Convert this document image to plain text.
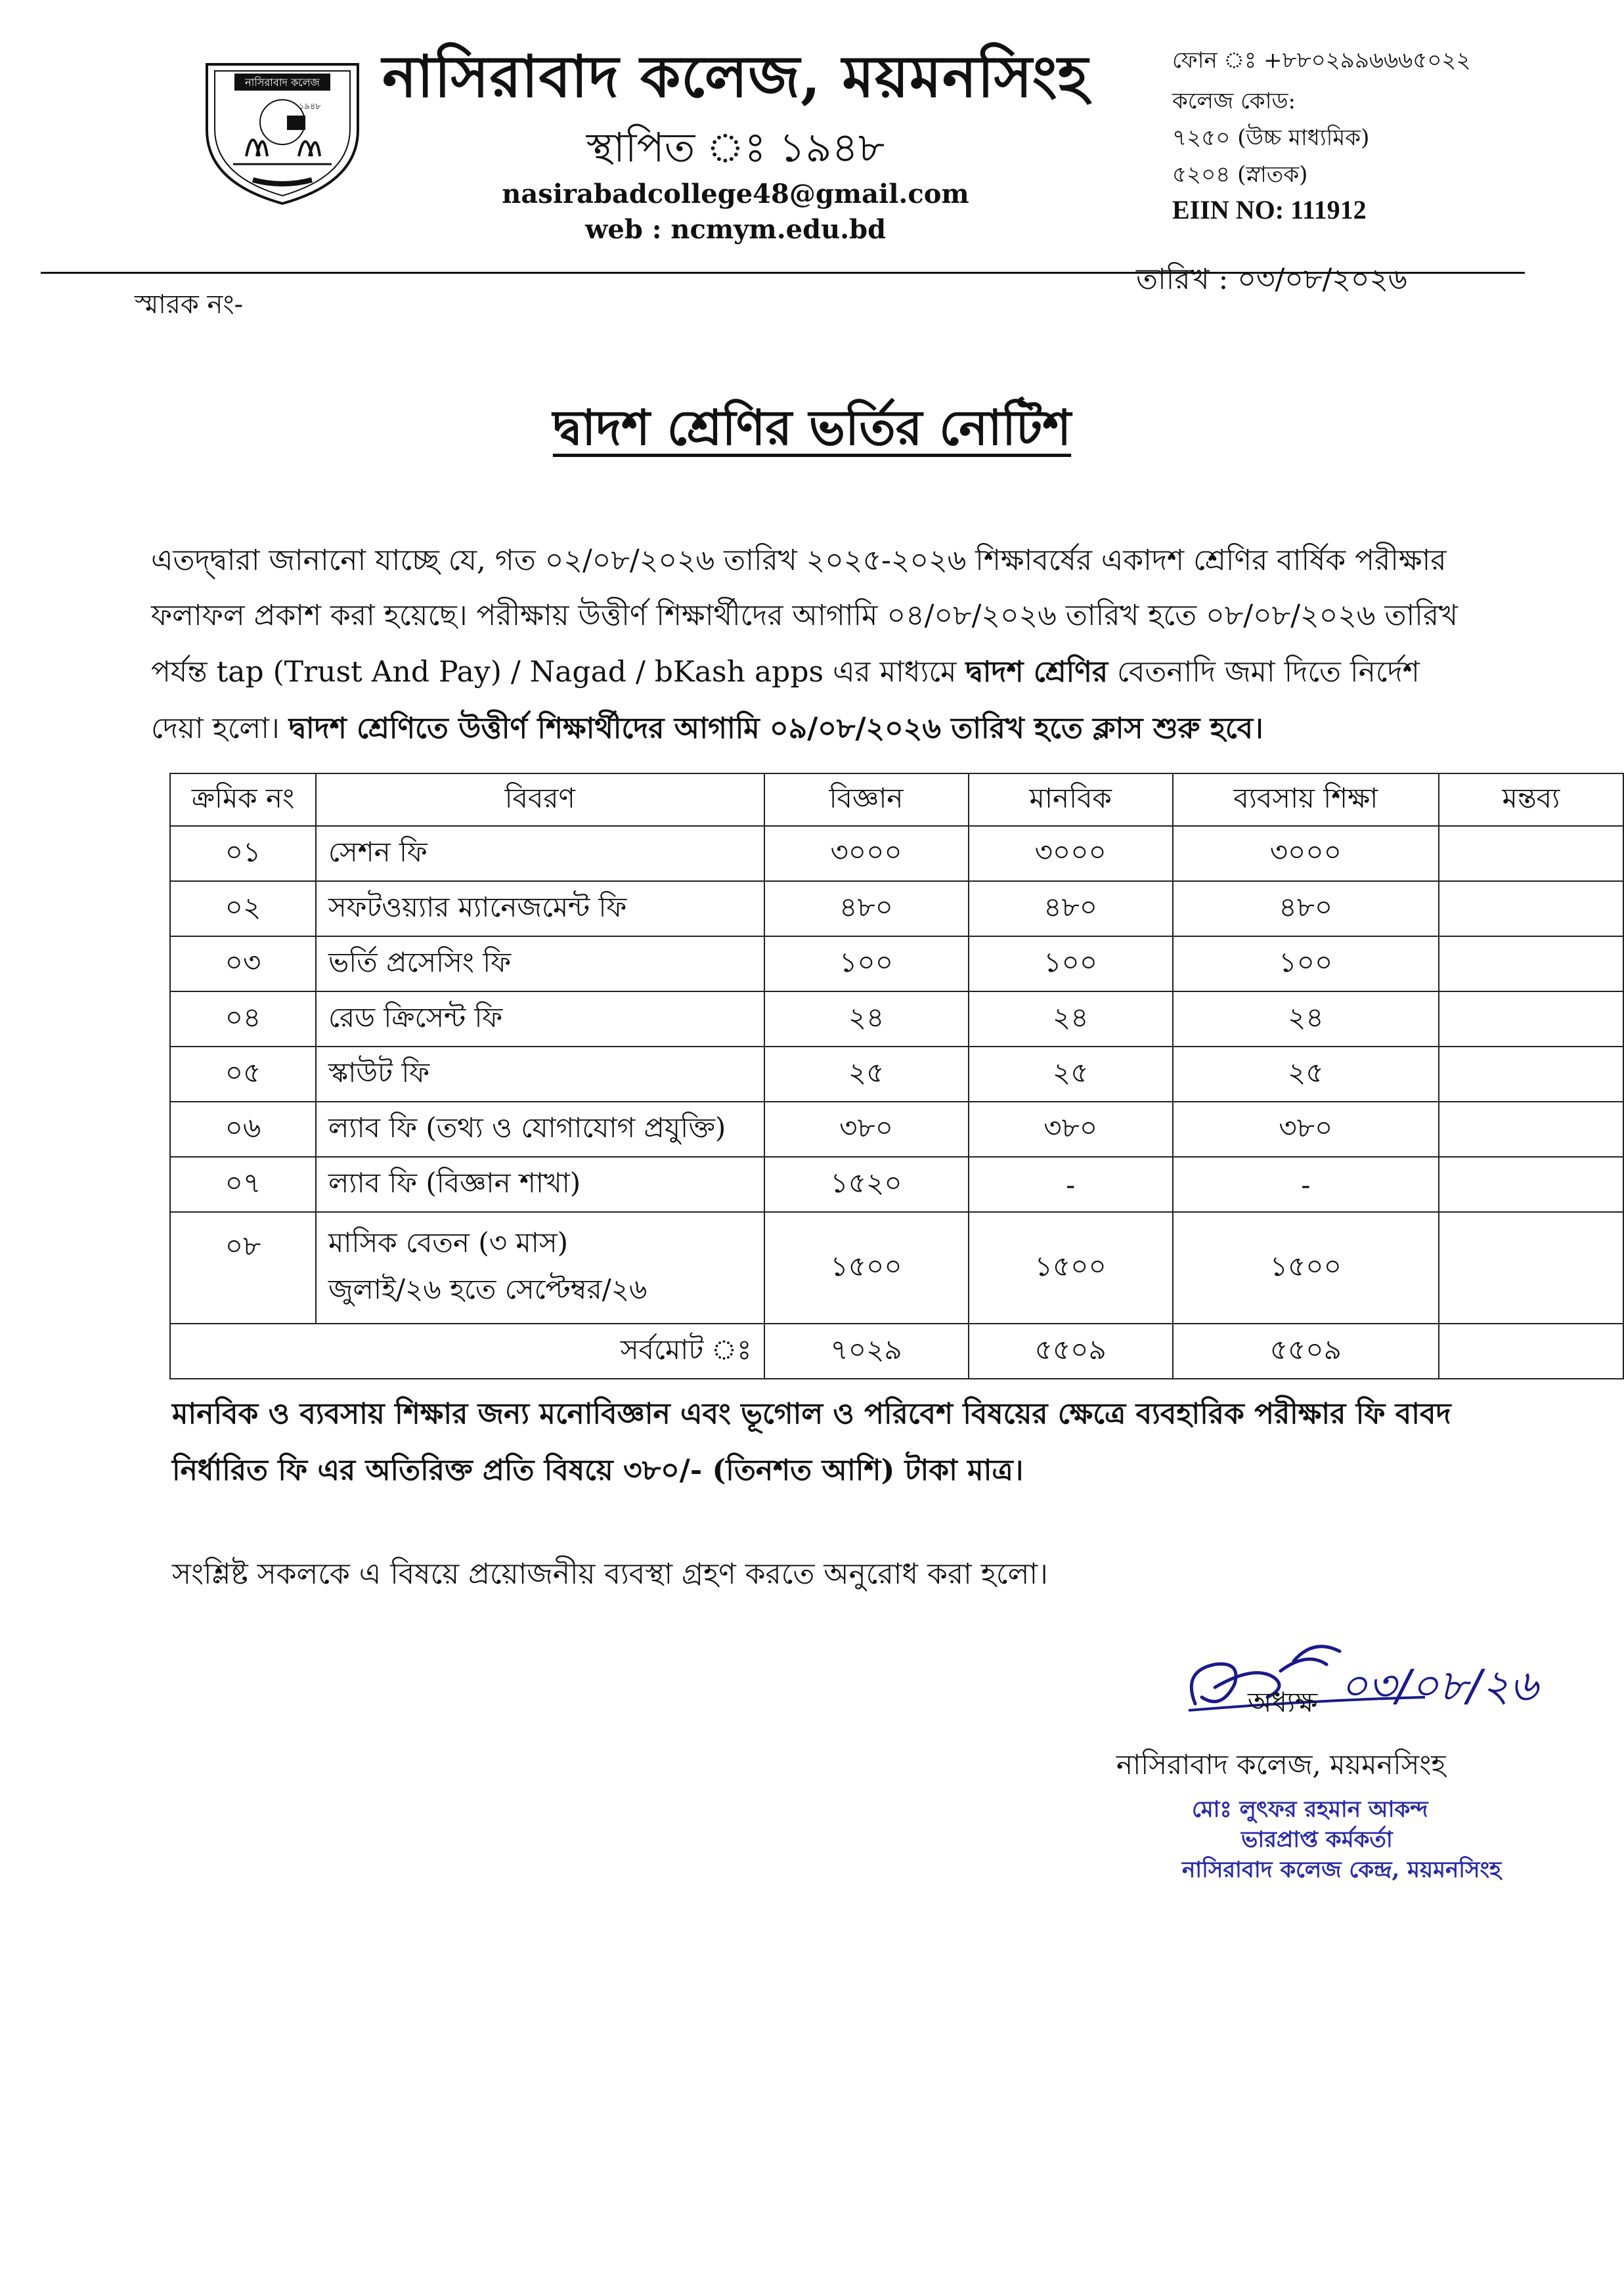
নাসিরাবাদ কলেজ
১৯৪৮ নাসিরাবাদ কলেজ, ময়মনসিংহ
স্থাপিত ঃ ১৯৪৮
nasirabadcollege48@gmail.com
web : ncmym.edu.bd
ফোন ঃ +৮৮০২৯৯৬৬৬৫০২২
কলেজ কোড:
৭২৫০ (উচ্চ মাধ্যমিক)
৫২০৪ (স্নাতক)
EIIN NO: 111912
তারিখ : ০৩/০৮/২০২৬
স্মারক নং-
দ্বাদশ শ্রেণির ভর্তির নোটিশ
এতদ্দ্বারা জানানো যাচ্ছে যে, গত ০২/০৮/২০২৬ তারিখ ২০২৫-২০২৬ শিক্ষাবর্ষের একাদশ শ্রেণির বার্ষিক পরীক্ষার
ফলাফল প্রকাশ করা হয়েছে। পরীক্ষায় উত্তীর্ণ শিক্ষার্থীদের আগামি ০৪/০৮/২০২৬ তারিখ হতে ০৮/০৮/২০২৬ তারিখ
পর্যন্ত tap (Trust And Pay) / Nagad / bKash apps এর মাধ্যমে দ্বাদশ শ্রেণির বেতনাদি জমা দিতে নির্দেশ
দেয়া হলো। দ্বাদশ শ্রেণিতে উত্তীর্ণ শিক্ষার্থীদের আগামি ০৯/০৮/২০২৬ তারিখ হতে ক্লাস শুরু হবে।
ক্রমিক নং	বিবরণ	বিজ্ঞান	মানবিক	ব্যবসায় শিক্ষা	মন্তব্য
০১	সেশন ফি	৩০০০	৩০০০	৩০০০	
০২	সফটওয়্যার ম্যানেজমেন্ট ফি	৪৮০	৪৮০	৪৮০	
০৩	ভর্তি প্রসেসিং ফি	১০০	১০০	১০০	
০৪	রেড ক্রিসেন্ট ফি	২৪	২৪	২৪	
০৫	স্কাউট ফি	২৫	২৫	২৫	
০৬	ল্যাব ফি (তথ্য ও যোগাযোগ প্রযুক্তি)	৩৮০	৩৮০	৩৮০	
০৭	ল্যাব ফি (বিজ্ঞান শাখা)	১৫২০	-	-	
০৮	মাসিক বেতন (৩ মাস)
জুলাই/২৬ হতে সেপ্টেম্বর/২৬	১৫০০	১৫০০	১৫০০	
সর্বমোট ঃ		৭০২৯	৫৫০৯	৫৫০৯	
মানবিক ও ব্যবসায় শিক্ষার জন্য মনোবিজ্ঞান এবং ভূগোল ও পরিবেশ বিষয়ের ক্ষেত্রে ব্যবহারিক পরীক্ষার ফি বাবদ
নির্ধারিত ফি এর অতিরিক্ত প্রতি বিষয়ে ৩৮০/- (তিনশত আশি) টাকা মাত্র।
সংশ্লিষ্ট সকলকে এ বিষয়ে প্রয়োজনীয় ব্যবস্থা গ্রহণ করতে অনুরোধ করা হলো।
০৩/০৮/২৬
অধ্যক্ষ
নাসিরাবাদ কলেজ, ময়মনসিংহ
মোঃ লুৎফর রহমান আকন্দ
ভারপ্রাপ্ত কর্মকর্তা
নাসিরাবাদ কলেজ কেন্দ্র, ময়মনসিংহ
